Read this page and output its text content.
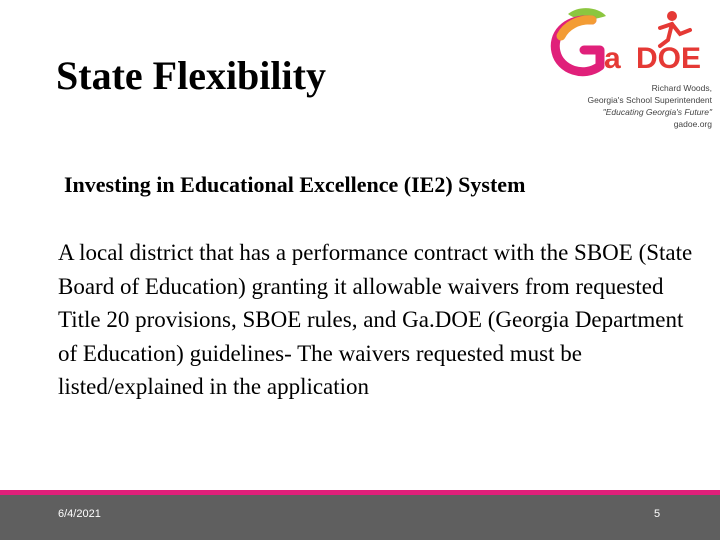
State Flexibility	a DOE
Richard Woods,
Georgia's School Superintendent
"Educating Georgia's Future"
gadoe.org
Investing in Educational Excellence (IE2) System

A local district that has a performance contract with the SBOE (State Board of Education) granting it allowable waivers from requested Title 20 provisions, SBOE rules, and Ga.DOE (Georgia Department of Education) guidelines- The waivers requested must be listed/explained in the application

6/4/2021	5
